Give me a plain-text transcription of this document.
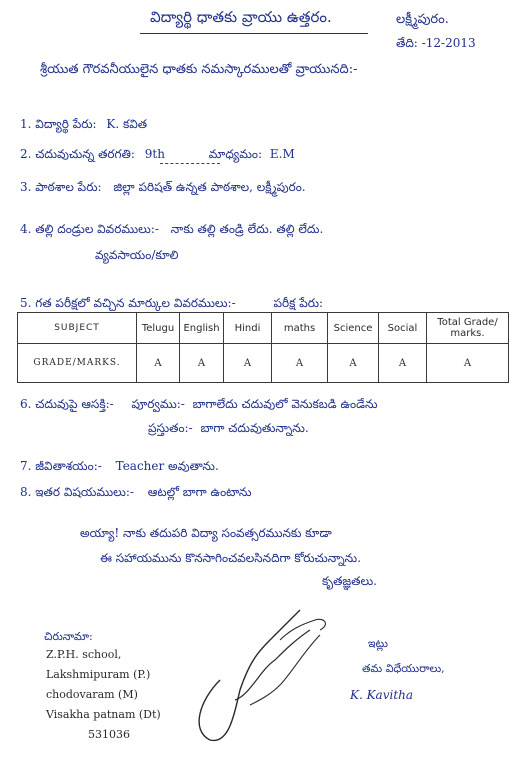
విద్యార్థి ధాతకు వ్రాయు ఉత్తరం.	లక్ష్మీపురం.
తేది: -12-2013
శ్రీయుత గౌరవనీయులైన ధాతకు నమస్కారములతో వ్రాయునది:-
1. విద్యార్థి పేరు: K. కవిత
2. చదువుచున్న తరగతి: 9th	మాధ్యమం: E.M
3. పాఠశాల పేరు: జిల్లా పరిషత్ ఉన్నత పాఠశాల, లక్ష్మీపురం.
4. తల్లి దండ్రుల వివరములు:- నాకు తల్లి తండ్రి లేదు. తల్లి లేదు.
వ్యవసాయం/కూలి
5. గత పరీక్షలో వచ్చిన మార్కుల వివరములు:-	పరీక్ష పేరు:
SUBJECT	Telugu	English	Hindi	maths	Science	Social	Total Grade/ marks.
GRADE/MARKS.	A	A	A	A	A	A	A
6. చదువుపై ఆసక్తి:- పూర్వము:- బాగాలేదు చదువులో వెనుకబడి ఉండేను
ప్రస్తుతం:- బాగా చదువుతున్నాను.
7. జీవితాశయం:- Teacher అవుతాను.
8. ఇతర విషయములు:- ఆటల్లో బాగా ఉంటాను
అయ్యా! నాకు తదుపరి విద్యా సంవత్సరమునకు కూడా
ఈ సహాయమును కొనసాగించవలసినదిగా కోరుచున్నాను.
కృతజ్ఞతలు.
చిరునామా:
Z.P.H. school,
Lakshmipuram (P.)
chodovaram (M)
Visakha patnam (Dt)
531036
ఇట్లు
తమ విధేయురాలు,
K. Kavitha
